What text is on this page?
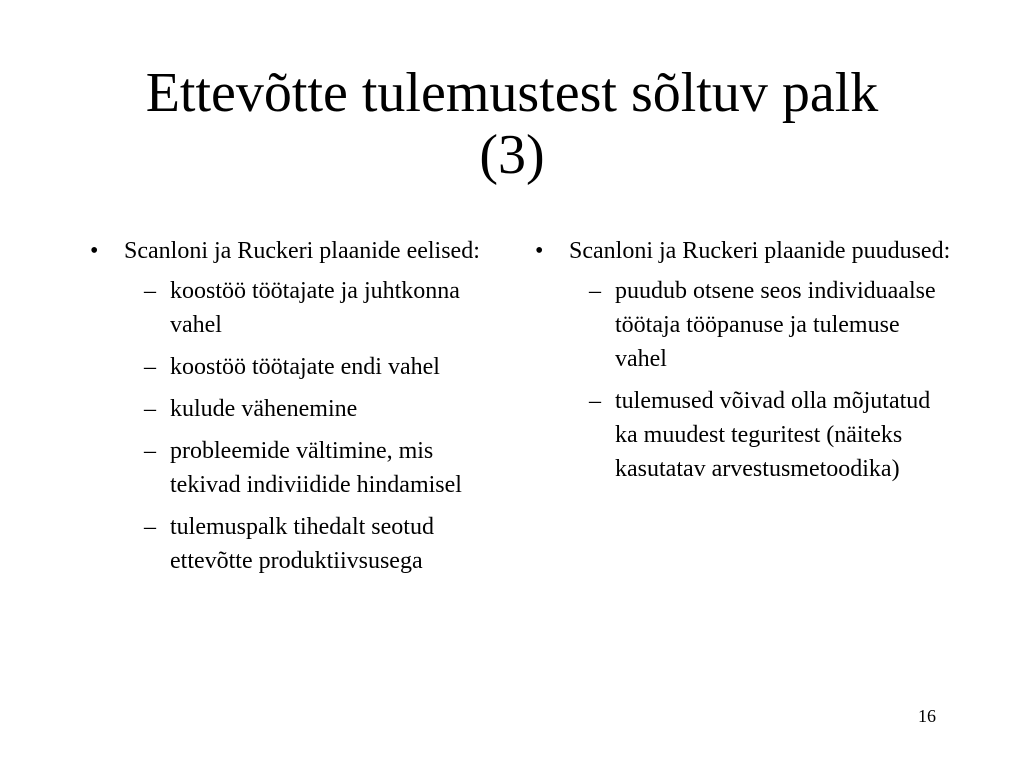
Ettevõtte tulemustest sõltuv palk
(3)
• Scanloni ja Ruckeri plaanide eelised:
– koostöö töötajate ja juhtkonna vahel
– koostöö töötajate endi vahel
– kulude vähenemine
– probleemide vältimine, mis tekivad indiviidide hindamisel
– tulemuspalk tihedalt seotud ettevõtte produktiivsusega
• Scanloni ja Ruckeri plaanide puudused:
– puudub otsene seos individuaalse töötaja tööpanuse ja tulemuse vahel
– tulemused võivad olla mõjutatud ka muudest teguritest (näiteks kasutatav arvestusmetoodika)
16
